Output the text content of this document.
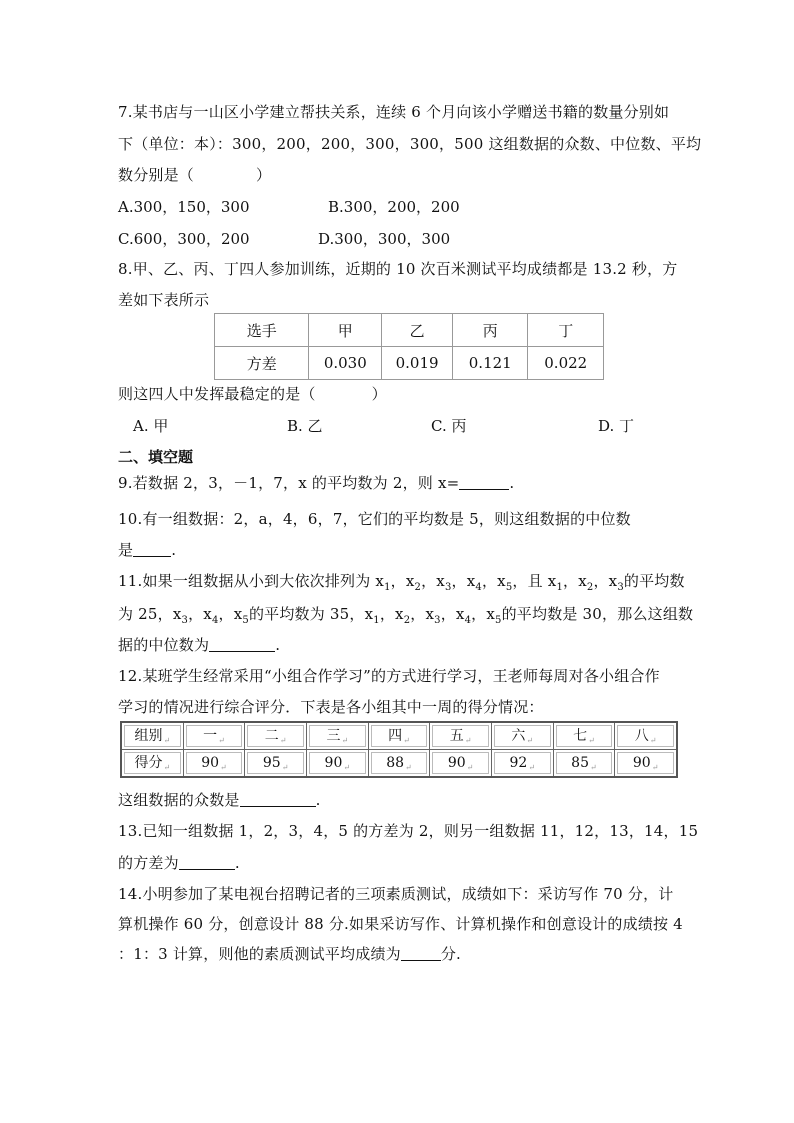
7.某书店与一山区小学建立帮扶关系，连续 6 个月向该小学赠送书籍的数量分别如
下（单位：本）：300，200，200，300，300，500 这组数据的众数、中位数、平均
数分别是（	）
A.300，150，300	B.300，200，200
C.600，300，200	D.300，300，300
8.甲、乙、丙、丁四人参加训练，近期的 10 次百米测试平均成绩都是 13.2 秒，方
差如下表所示
选手	甲	乙	丙	丁
方差	0.030	0.019	0.121	0.022
则这四人中发挥最稳定的是（	）
A. 甲	B. 乙	C. 丙	D. 丁
二、填空题
9.若数据 2，3，－1，7，x 的平均数为 2，则 x=	.
10.有一组数据：2，a，4，6，7，它们的平均数是 5，则这组数据的中位数
是	.
11.如果一组数据从小到大依次排列为 $x_1$，$x_2$，$x_3$，$x_4$，$x_5$，且 $x_1$，$x_2$，$x_3$的平均数
为 25，$x_3$，$x_4$，$x_5$的平均数为 35，$x_1$，$x_2$，$x_3$，$x_4$，$x_5$的平均数是 30，那么这组数
据的中位数为	.
12.某班学生经常采用“小组合作学习”的方式进行学习，王老师每周对各小组合作
学习的情况进行综合评分．下表是各小组其中一周的得分情况：
组别$_↵$	一$_↵$	二$_↵$	三$_↵$	四$_↵$	五$_↵$	六$_↵$	七$_↵$	八$_↵$

得分$_↵$	$90_↵$	$95_↵$	$90_↵$	$88_↵$	$90_↵$	$92_↵$	$85_↵$	$90_↵$
这组数据的众数是	.
13.已知一组数据 1，2，3，4，5 的方差为 2，则另一组数据 11，12，13，14，15
的方差为	.
14.小明参加了某电视台招聘记者的三项素质测试，成绩如下：采访写作 70 分，计
算机操作 60 分，创意设计 88 分.如果采访写作、计算机操作和创意设计的成绩按 4
：1：3 计算，则他的素质测试平均成绩为	分.
